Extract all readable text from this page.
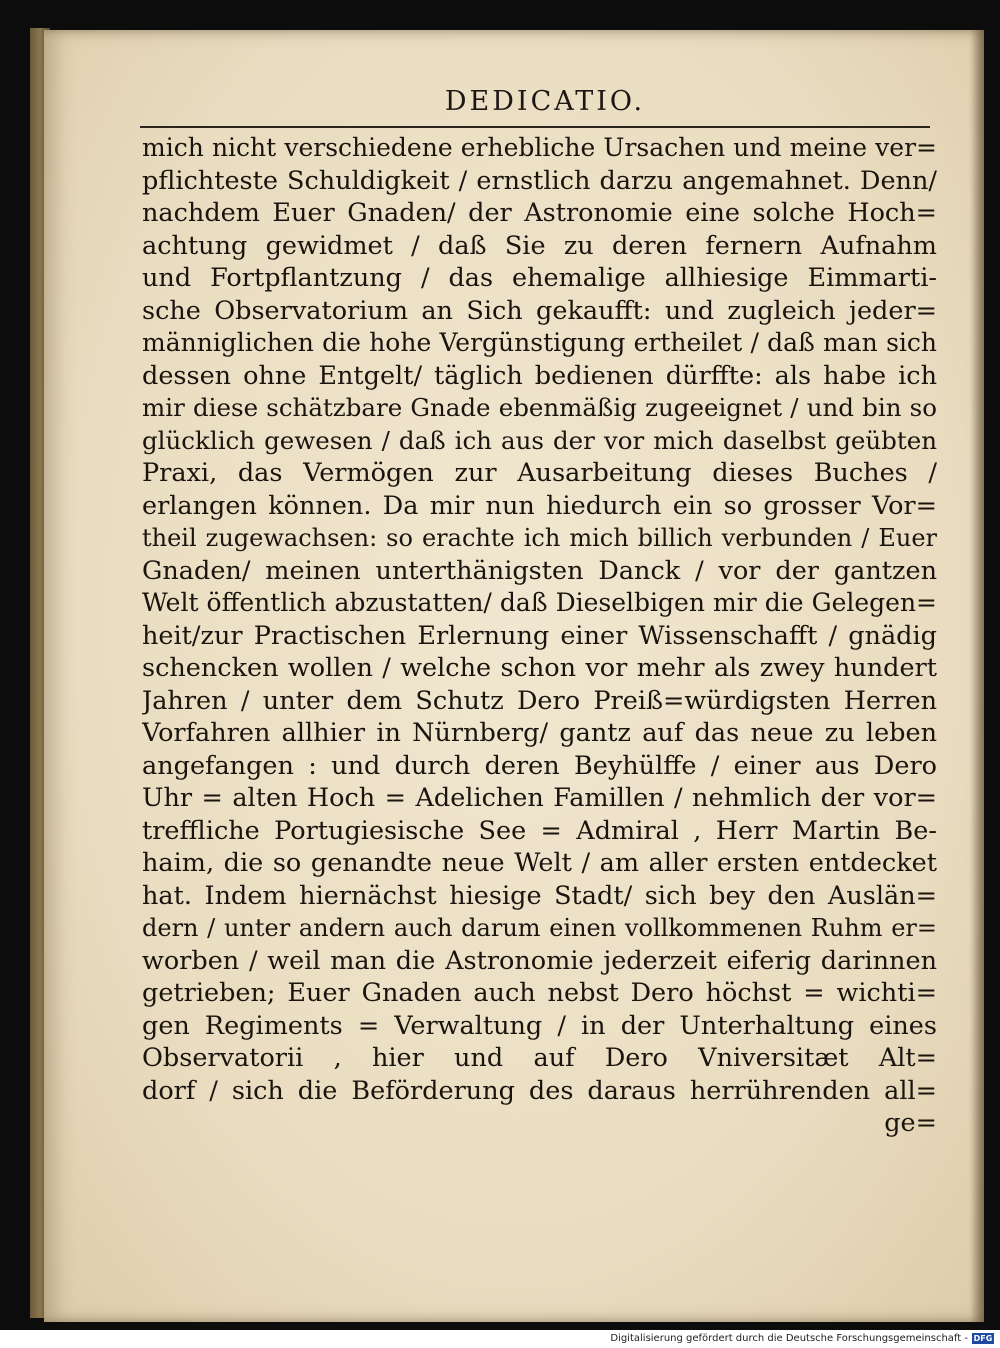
DEDICATIO.
mich nicht verschiedene erhebliche Ursachen und meine ver=
pflichteste Schuldigkeit / ernstlich darzu angemahnet. Denn/
nachdem Euer Gnaden/ der Astronomie eine solche Hoch=
achtung gewidmet / daß Sie zu deren fernern Aufnahm
und Fortpflantzung / das ehemalige allhiesige Eimmarti-
sche Observatorium an Sich gekaufft: und zugleich jeder=
männiglichen die hohe Vergünstigung ertheilet / daß man sich
dessen ohne Entgelt/ täglich bedienen dürffte: als habe ich
mir diese schätzbare Gnade ebenmäßig zugeeignet / und bin so
glücklich gewesen / daß ich aus der vor mich daselbst geübten
Praxi, das Vermögen zur Ausarbeitung dieses Buches /
erlangen können. Da mir nun hiedurch ein so grosser Vor=
theil zugewachsen: so erachte ich mich billich verbunden / Euer
Gnaden/ meinen unterthänigsten Danck / vor der gantzen
Welt öffentlich abzustatten/ daß Dieselbigen mir die Gelegen=
heit/zur Practischen Erlernung einer Wissenschafft / gnädig
schencken wollen / welche schon vor mehr als zwey hundert
Jahren / unter dem Schutz Dero Preiß=würdigsten Herren
Vorfahren allhier in Nürnberg/ gantz auf das neue zu leben
angefangen : und durch deren Beyhülffe / einer aus Dero
Uhr = alten Hoch = Adelichen Famillen / nehmlich der vor=
treffliche Portugiesische See = Admiral , Herr Martin Be-
haim, die so genandte neue Welt / am aller ersten entdecket
hat. Indem hiernächst hiesige Stadt/ sich bey den Auslän=
dern / unter andern auch darum einen vollkommenen Ruhm er=
worben / weil man die Astronomie jederzeit eiferig darinnen
getrieben; Euer Gnaden auch nebst Dero höchst = wichti=
gen Regiments = Verwaltung / in der Unterhaltung eines
Observatorii , hier und auf Dero Vniversitæt Alt=
dorf / sich die Beförderung des daraus herrührenden all=
ge=
Digitalisierung gefördert durch die Deutsche Forschungsgemeinschaft - DFG
